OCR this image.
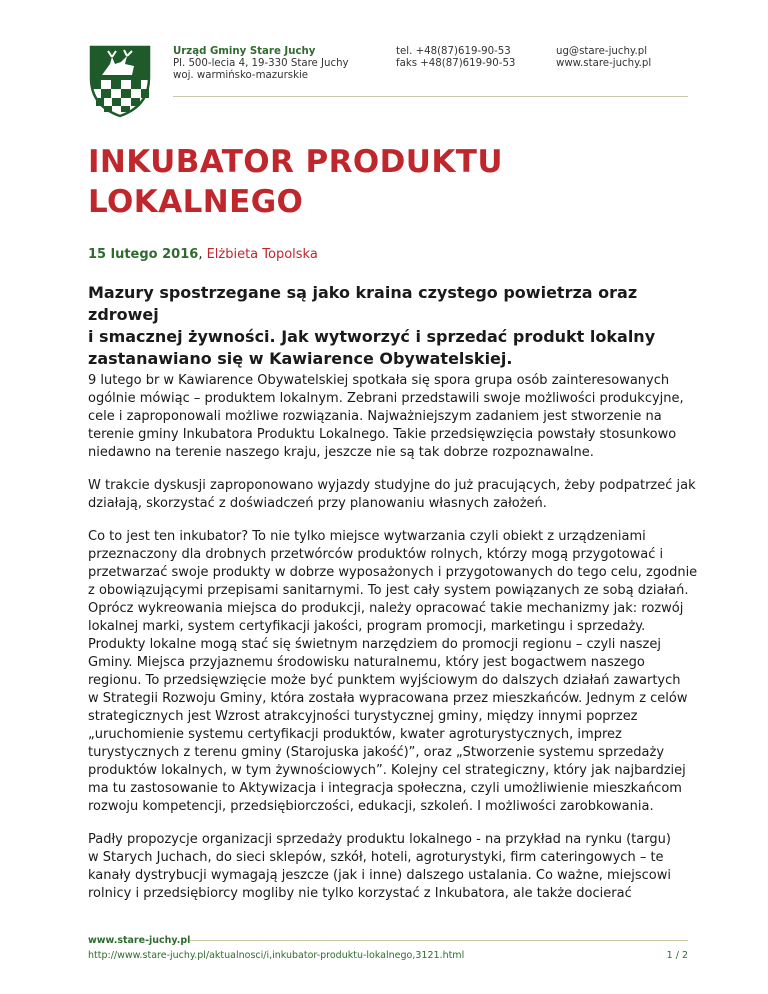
Urząd Gminy Stare Juchy
Pl. 500-lecia 4, 19-330 Stare Juchy
woj. warmińsko-mazurskie
tel. +48(87)619-90-53
faks +48(87)619-90-53
ug@stare-juchy.pl
www.stare-juchy.pl
INKUBATOR PRODUKTU
LOKALNEGO
15 lutego 2016, Elżbieta Topolska
Mazury spostrzegane są jako kraina czystego powietrza oraz zdrowej
i smacznej żywności. Jak wytworzyć i sprzedać produkt lokalny
zastanawiano się w Kawiarence Obywatelskiej.

9 lutego br w Kawiarence Obywatelskiej spotkała się spora grupa osób zainteresowanych
ogólnie mówiąc – produktem lokalnym. Zebrani przedstawili swoje możliwości produkcyjne,
cele i zaproponowali możliwe rozwiązania. Najważniejszym zadaniem jest stworzenie na
terenie gminy Inkubatora Produktu Lokalnego. Takie przedsięwzięcia powstały stosunkowo
niedawno na terenie naszego kraju, jeszcze nie są tak dobrze rozpoznawalne.

W trakcie dyskusji zaproponowano wyjazdy studyjne do już pracujących, żeby podpatrzeć jak
działają, skorzystać z doświadczeń przy planowaniu własnych założeń.

Co to jest ten inkubator? To nie tylko miejsce wytwarzania czyli obiekt z urządzeniami
przeznaczony dla drobnych przetwórców produktów rolnych, którzy mogą przygotować i
przetwarzać swoje produkty w dobrze wyposażonych i przygotowanych do tego celu, zgodnie
z obowiązującymi przepisami sanitarnymi. To jest cały system powiązanych ze sobą działań.
Oprócz wykreowania miejsca do produkcji, należy opracować takie mechanizmy jak: rozwój
lokalnej marki, system certyfikacji jakości, program promocji, marketingu i sprzedaży.
Produkty lokalne mogą stać się świetnym narzędziem do promocji regionu – czyli naszej
Gminy. Miejsca przyjaznemu środowisku naturalnemu, który jest bogactwem naszego
regionu. To przedsięwzięcie może być punktem wyjściowym do dalszych działań zawartych
w Strategii Rozwoju Gminy, która została wypracowana przez mieszkańców. Jednym z celów
strategicznych jest Wzrost atrakcyjności turystycznej gminy, między innymi poprzez
„uruchomienie systemu certyfikacji produktów, kwater agroturystycznych, imprez
turystycznych z terenu gminy (Starojuska jakość)”, oraz „Stworzenie systemu sprzedaży
produktów lokalnych, w tym żywnościowych”. Kolejny cel strategiczny, który jak najbardziej
ma tu zastosowanie to Aktywizacja i integracja społeczna, czyli umożliwienie mieszkańcom
rozwoju kompetencji, przedsiębiorczości, edukacji, szkoleń. I możliwości zarobkowania.

Padły propozycje organizacji sprzedaży produktu lokalnego - na przykład na rynku (targu)
w Starych Juchach, do sieci sklepów, szkół, hoteli, agroturystyki, firm cateringowych – te
kanały dystrybucji wymagają jeszcze (jak i inne) dalszego ustalania. Co ważne, miejscowi
rolnicy i przedsiębiorcy mogliby nie tylko korzystać z Inkubatora, ale także docierać

www.stare-juchy.pl
http://www.stare-juchy.pl/aktualnosci/i,inkubator-produktu-lokalnego,3121.html	1 / 2
